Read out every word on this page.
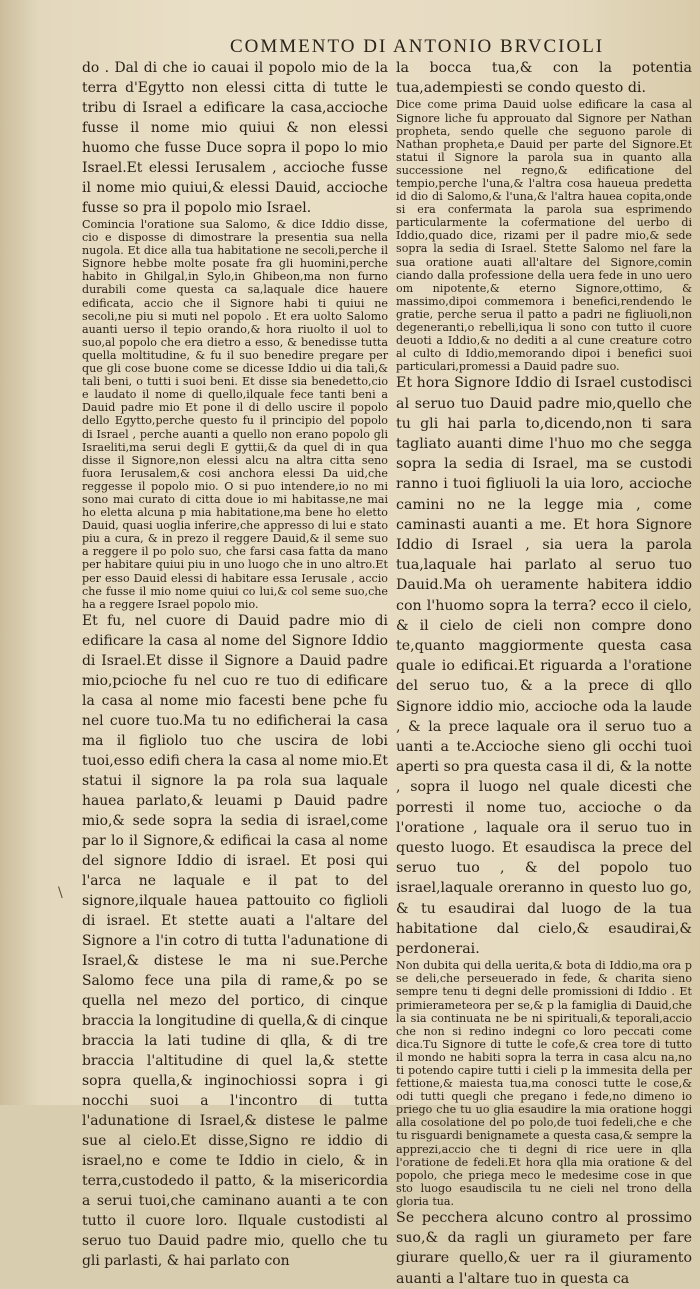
COMMENTO DI ANTONIO BRVCIOLI

do . Dal di che io cauai il popolo mio de la terra d'Egytto non elessi citta di tutte le tribu di Israel a edificare la casa,accioche fusse il nome mio quiui & non elessi huomo che fusse Duce sopra il popo lo mio Israel.Et elessi Ierusalem , accioche fusse il nome mio quiui,& elessi Dauid, accioche fusse so pra il popolo mio Israel.

Comincia l'oratione sua Salomo, & dice Iddio disse, cio e disposse di dimostrare la presentia sua nella nugola. Et dice alla tua habitatione ne secoli,perche il Signore hebbe molte posate fra gli huomini,perche habito in Ghilgal,in Sylo,in Ghibeon,ma non furno durabili come questa ca sa,laquale dice hauere edificata, accio che il Signore habi ti quiui ne secoli,ne piu si muti nel popolo . Et era uolto Salomo auanti uerso il tepio orando,& hora riuolto il uol to suo,al popolo che era dietro a esso, & benedisse tutta quella moltitudine, & fu il suo benedire pregare per que gli cose buone come se dicesse Iddio ui dia tali,& tali beni, o tutti i suoi beni. Et disse sia benedetto,cio e laudato il nome di quello,ilquale fece tanti beni a Dauid padre mio Et pone il di dello uscire il popolo dello Egytto,perche questo fu il principio del popolo di Israel , perche auanti a quello non erano popolo gli Israeliti,ma serui degli E gyttii,& da quel di in qua disse il Signore,non elessi alcu na altra citta seno fuora Ierusalem,& cosi anchora elessi Da uid,che reggesse il popolo mio. O si puo intendere,io no mi sono mai curato di citta doue io mi habitasse,ne mai ho eletta alcuna p mia habitatione,ma bene ho eletto Dauid, quasi uoglia inferire,che appresso di lui e stato piu a cura, & in prezo il reggere Dauid,& il seme suo a reggere il po polo suo, che farsi casa fatta da mano per habitare quiui piu in uno luogo che in uno altro.Et per esso Dauid elessi di habitare essa Ierusale , accio che fusse il mio nome quiui co lui,& col seme suo,che ha a reggere Israel popolo mio.

Et fu, nel cuore di Dauid padre mio di edificare la casa al nome del Signore Iddio di Israel.Et disse il Signore a Dauid padre mio,pcioche fu nel cuo re tuo di edificare la casa al nome mio facesti bene pche fu nel cuore tuo.Ma tu no edificherai la casa ma il figliolo tuo che uscira de lobi tuoi,esso edifi chera la casa al nome mio.Et statui il signore la pa rola sua laquale hauea parlato,& leuami p Dauid padre mio,& sede sopra la sedia di israel,come par lo il Signore,& edificai la casa al nome del signore Iddio di israel. Et posi qui l'arca ne laquale e il pat to del signore,ilquale hauea pattouito co figlioli di israel. Et stette auati a l'altare del Signore a l'in cotro di tutta l'adunatione di Israel,& distese le ma ni sue.Perche Salomo fece una pila di rame,& po se quella nel mezo del portico, di cinque braccia la longitudine di quella,& di cinque braccia la lati tudine di qlla, & di tre braccia l'altitudine di quel la,& stette sopra quella,& inginochiossi sopra i gi nocchi suoi a l'incontro di tutta l'adunatione di Israel,& distese le palme sue al cielo.Et disse,Signo re iddio di israel,no e come te Iddio in cielo, & in terra,custodedo il patto, & la misericordia a serui tuoi,che caminano auanti a te con tutto il cuore loro. Ilquale custodisti al seruo tuo Dauid padre mio, quello che tu gli parlasti, & hai parlato con

la bocca tua,& con la potentia tua,adempiesti se condo questo di.

Dice come prima Dauid uolse edificare la casa al Signore liche fu approuato dal Signore per Nathan propheta, sendo quelle che seguono parole di Nathan propheta,e Dauid per parte del Signore.Et statui il Signore la parola sua in quanto alla successione nel regno,& edificatione del tempio,perche l'una,& l'altra cosa haueua predetta id dio di Salomo,& l'una,& l'altra hauea copita,onde si era confermata la parola sua esprimendo particularmente la cofermatione del uerbo di Iddio,quado dice, rizami per il padre mio,& sede sopra la sedia di Israel. Stette Salomo nel fare la sua oratione auati all'altare del Signore,comin ciando dalla professione della uera fede in uno uero om nipotente,& eterno Signore,ottimo, & massimo,dipoi commemora i benefici,rendendo le gratie, perche serua il patto a padri ne figliuoli,non degeneranti,o rebelli,iqua li sono con tutto il cuore deuoti a Iddio,& no dediti a al cune creature cotro al culto di Iddio,memorando dipoi i benefici suoi particulari,promessi a Dauid padre suo.

Et hora Signore Iddio di Israel custodisci al seruo tuo Dauid padre mio,quello che tu gli hai parla to,dicendo,non ti sara tagliato auanti dime l'huo mo che segga sopra la sedia di Israel, ma se custodi ranno i tuoi figliuoli la uia loro, accioche camini no ne la legge mia , come caminasti auanti a me. Et hora Signore Iddio di Israel , sia uera la parola tua,laquale hai parlato al seruo tuo Dauid.Ma oh ueramente habitera iddio con l'huomo sopra la terra? ecco il cielo, & il cielo de cieli non compre dono te,quanto maggiormente questa casa quale io edificai.Et riguarda a l'oratione del seruo tuo, & a la prece di qllo Signore iddio mio, accioche oda la laude , & la prece laquale ora il seruo tuo a uanti a te.Accioche sieno gli occhi tuoi aperti so pra questa casa il di, & la notte , sopra il luogo nel quale dicesti che porresti il nome tuo, accioche o da l'oratione , laquale ora il seruo tuo in questo luogo. Et esaudisca la prece del seruo tuo , & del popolo tuo israel,laquale oreranno in questo luo go, & tu esaudirai dal luogo de la tua habitatione dal cielo,& esaudirai,& perdonerai.

Non dubita qui della uerita,& bota di Iddio,ma ora p se deli,che perseuerado in fede, & charita sieno sempre tenu ti degni delle promissioni di Iddio . Et primierameteora per se,& p la famiglia di Dauid,che la sia continuata ne be ni spirituali,& teporali,accio che non si redino indegni co loro peccati come dica.Tu Signore di tutte le cofe,& crea tore di tutto il mondo ne habiti sopra la terra in casa alcu na,no ti potendo capire tutti i cieli p la immesita della per fettione,& maiesta tua,ma conosci tutte le cose,& odi tutti quegli che pregano i fede,no dimeno io priego che tu uo glia esaudire la mia oratione hoggi alla cosolatione del po polo,de tuoi fedeli,che e che tu risguardi benignamete a questa casa,& sempre la apprezi,accio che ti degni di rice uere in qlla l'oratione de fedeli.Et hora qlla mia oratione & del popolo, che priega meco le medesime cose in que sto luogo esaudiscila tu ne cieli nel trono della gloria tua.

Se pecchera alcuno contro al prossimo suo,& da ragli un giurameto per fare giurare quello,& uer ra il giuramento auanti a l'altare tuo in questa ca

\
